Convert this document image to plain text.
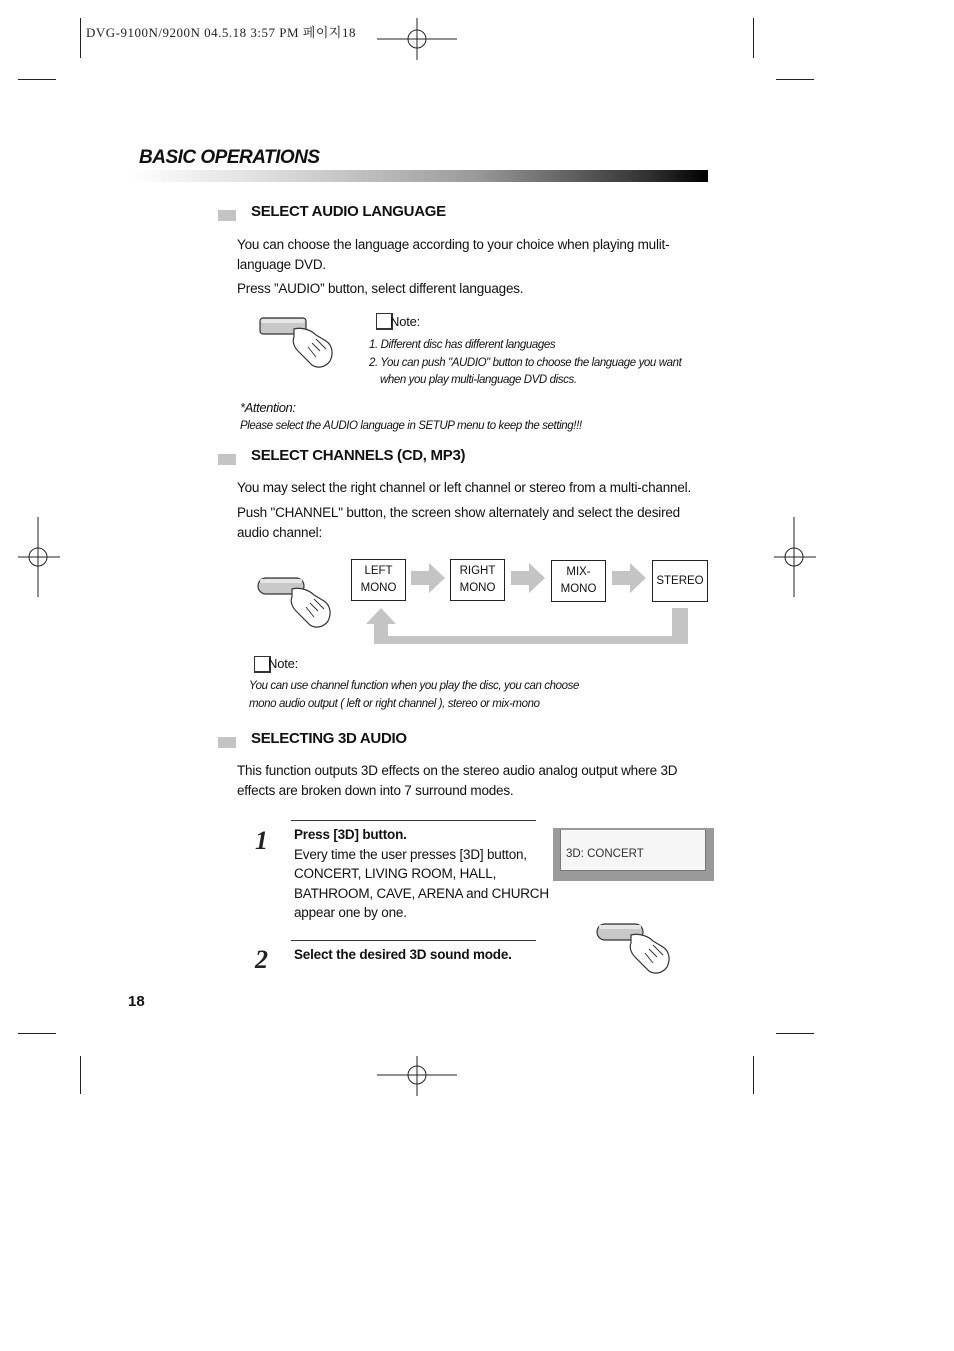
DVG-9100N/9200N 04.5.18 3:57 PM 페이지18
BASIC OPERATIONS
SELECT AUDIO LANGUAGE
You can choose the language according to your choice when playing mulit-
language DVD.
Press ”AUDIO” button, select different languages.
Note:
1. Different disc has different languages
2. You can push "AUDIO" button to choose the language you want
when you play multi-language DVD discs.
*Attention:
Please select the AUDIO language in SETUP menu to keep the setting!!!
SELECT CHANNELS (CD, MP3)
You may select the right channel or left channel or stereo from a multi-channel.
Push "CHANNEL" button, the screen show alternately and select the desired
audio channel:
LEFT
MONO
RIGHT
MONO
MIX-
MONO
STEREO
Note:
You can use channel function when you play the disc, you can choose
mono audio output ( left or right channel ), stereo or mix-mono
SELECTING 3D AUDIO
This function outputs 3D effects on the stereo audio analog output where 3D
effects are broken down into 7 surround modes.
1 Press [3D] button.
Every time the user presses [3D] button,
CONCERT, LIVING ROOM, HALL,
BATHROOM, CAVE, ARENA and CHURCH
appear one by one.
3D: CONCERT
2 Select the desired 3D sound mode.
18
